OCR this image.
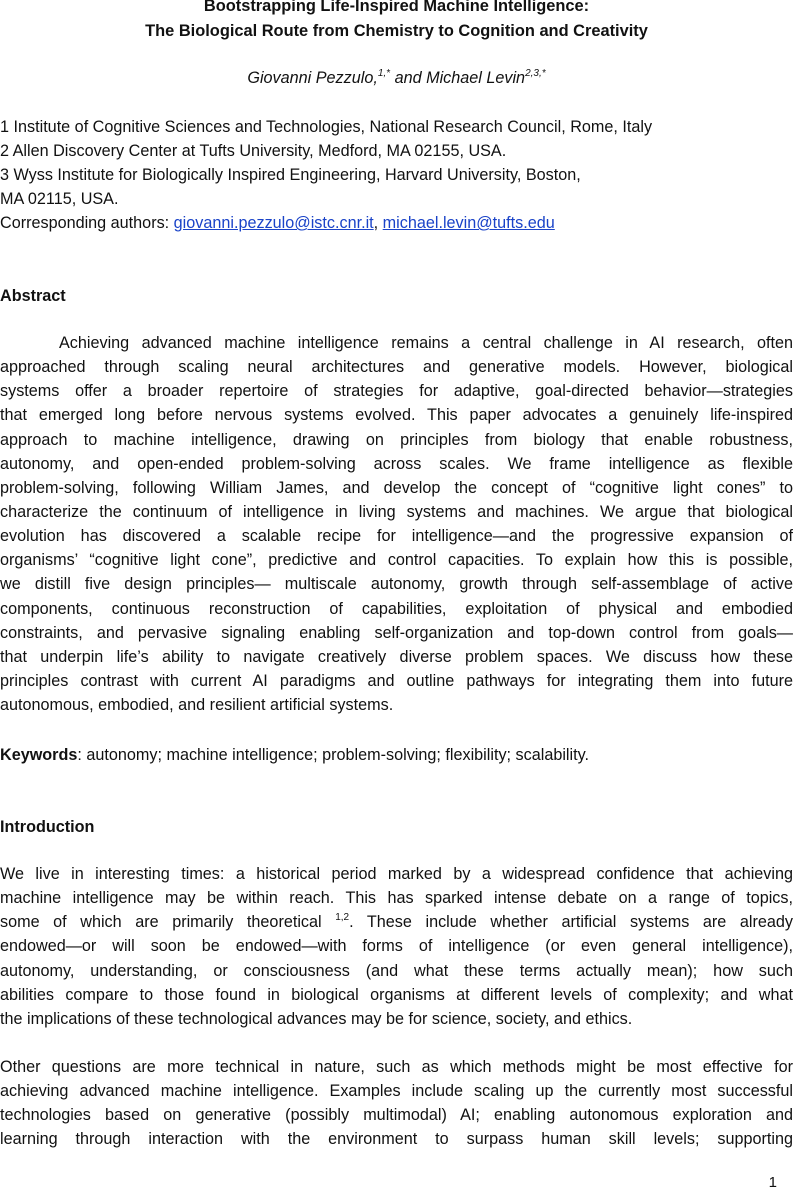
Bootstrapping Life-Inspired Machine Intelligence:
The Biological Route from Chemistry to Cognition and Creativity
Giovanni Pezzulo,$^{1,*}$ and Michael Levin$^{2,3,*}$
1 Institute of Cognitive Sciences and Technologies, National Research Council, Rome, Italy
2 Allen Discovery Center at Tufts University, Medford, MA 02155, USA.
3 Wyss Institute for Biologically Inspired Engineering, Harvard University, Boston,
MA 02115, USA.
Corresponding authors: giovanni.pezzulo@istc.cnr.it, michael.levin@tufts.edu
Abstract
Achieving advanced machine intelligence remains a central challenge in AI research, often
approached through scaling neural architectures and generative models. However, biological
systems offer a broader repertoire of strategies for adaptive, goal-directed behavior—strategies
that emerged long before nervous systems evolved. This paper advocates a genuinely life-inspired
approach to machine intelligence, drawing on principles from biology that enable robustness,
autonomy, and open-ended problem-solving across scales. We frame intelligence as flexible
problem-solving, following William James, and develop the concept of “cognitive light cones” to
characterize the continuum of intelligence in living systems and machines. We argue that biological
evolution has discovered a scalable recipe for intelligence—and the progressive expansion of
organisms’ “cognitive light cone”, predictive and control capacities. To explain how this is possible,
we distill five design principles— multiscale autonomy, growth through self-assemblage of active
components, continuous reconstruction of capabilities, exploitation of physical and embodied
constraints, and pervasive signaling enabling self-organization and top-down control from goals—
that underpin life’s ability to navigate creatively diverse problem spaces. We discuss how these
principles contrast with current AI paradigms and outline pathways for integrating them into future
autonomous, embodied, and resilient artificial systems.
Keywords: autonomy; machine intelligence; problem-solving; flexibility; scalability.
Introduction
We live in interesting times: a historical period marked by a widespread confidence that achieving
machine intelligence may be within reach. This has sparked intense debate on a range of topics,
some of which are primarily theoretical $^{1,2}$. These include whether artificial systems are already
endowed—or will soon be endowed—with forms of intelligence (or even general intelligence),
autonomy, understanding, or consciousness (and what these terms actually mean); how such
abilities compare to those found in biological organisms at different levels of complexity; and what
the implications of these technological advances may be for science, society, and ethics.
Other questions are more technical in nature, such as which methods might be most effective for
achieving advanced machine intelligence. Examples include scaling up the currently most successful
technologies based on generative (possibly multimodal) AI; enabling autonomous exploration and
learning through interaction with the environment to surpass human skill levels; supporting
1
